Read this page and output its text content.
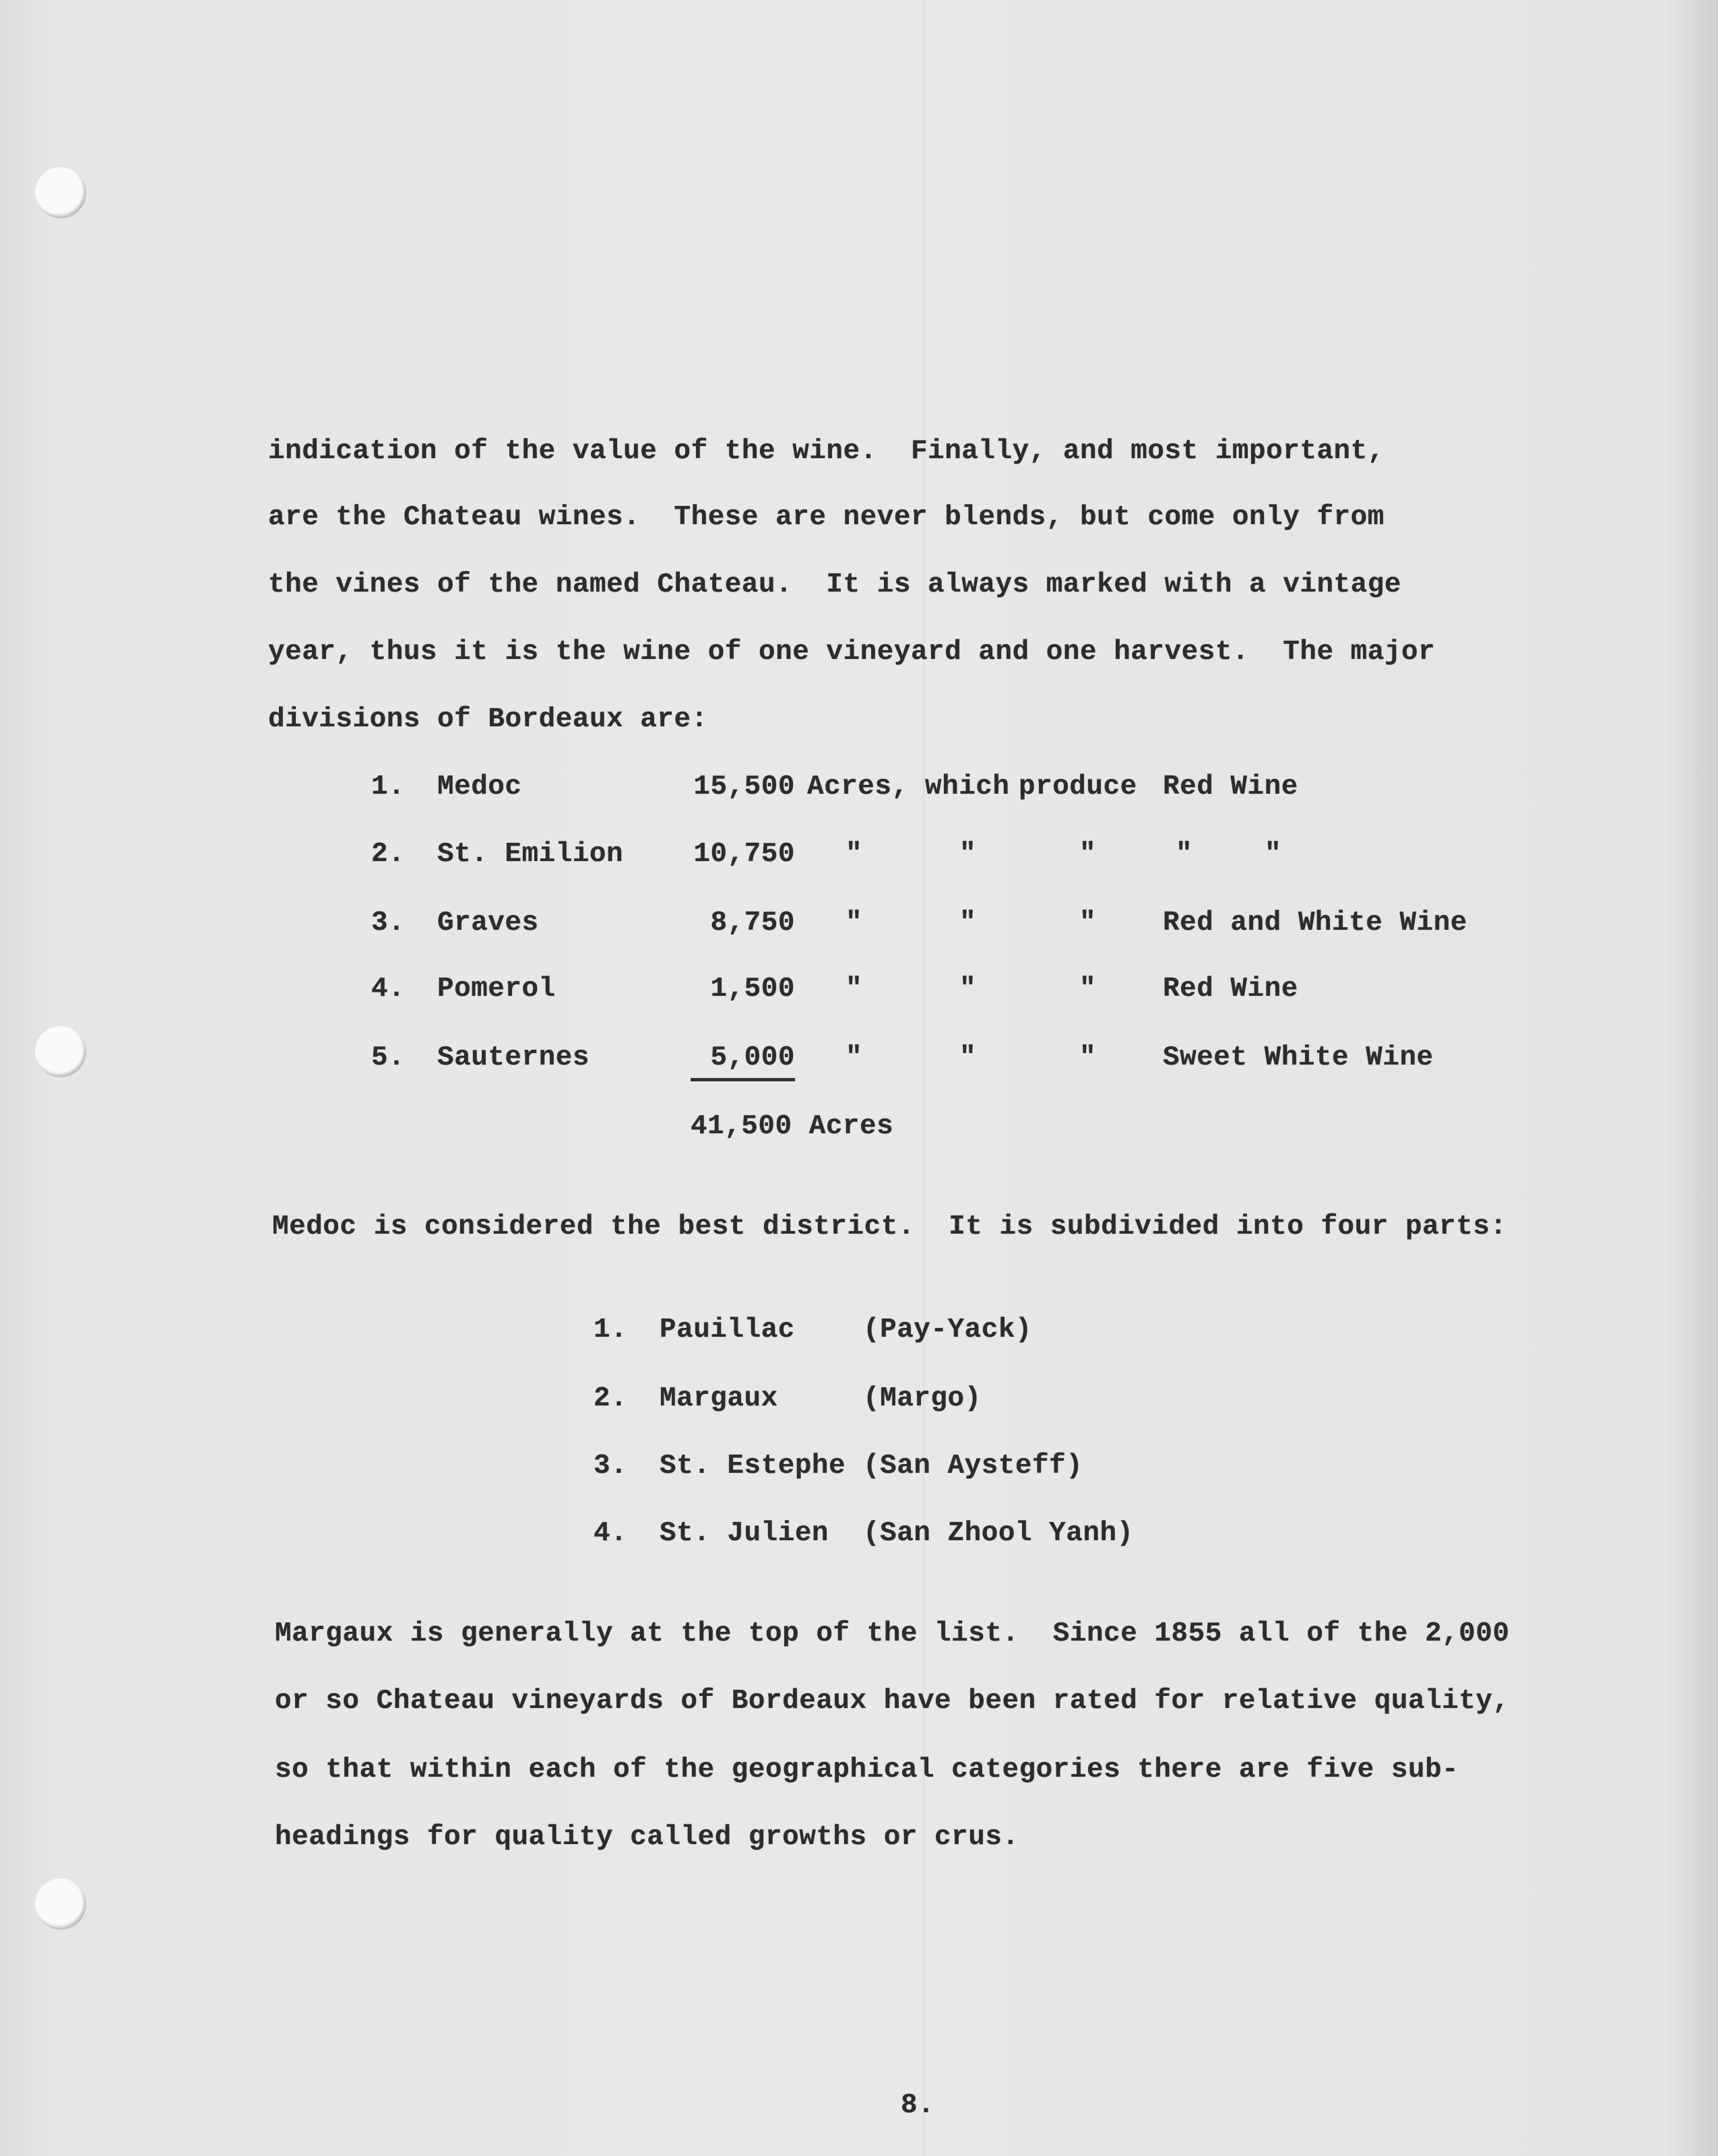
indication of the value of the wine.  Finally, and most important,
are the Chateau wines.  These are never blends, but come only from
the vines of the named Chateau.  It is always marked with a vintage
year, thus it is the wine of one vineyard and one harvest.  The major
divisions of Bordeaux are:
1. Medoc	15,500 Acres, which produce Red Wine
2. St. Emilion	10,750 "	"	"	"	"
3. Graves	8,750 "	"	" Red and White Wine
4. Pomerol	1,500 "	"	" Red Wine
5. Sauternes	5,000 "	"	" Sweet White Wine
41,500 Acres
Medoc is considered the best district.  It is subdivided into four parts:
1. Pauillac (Pay-Yack)
2. Margaux	(Margo)
3. St. Estephe (San Aysteff)
4. St. Julien (San Zhool Yanh)
Margaux is generally at the top of the list.  Since 1855 all of the 2,000
or so Chateau vineyards of Bordeaux have been rated for relative quality,
so that within each of the geographical categories there are five sub-
headings for quality called growths or crus.
8.
